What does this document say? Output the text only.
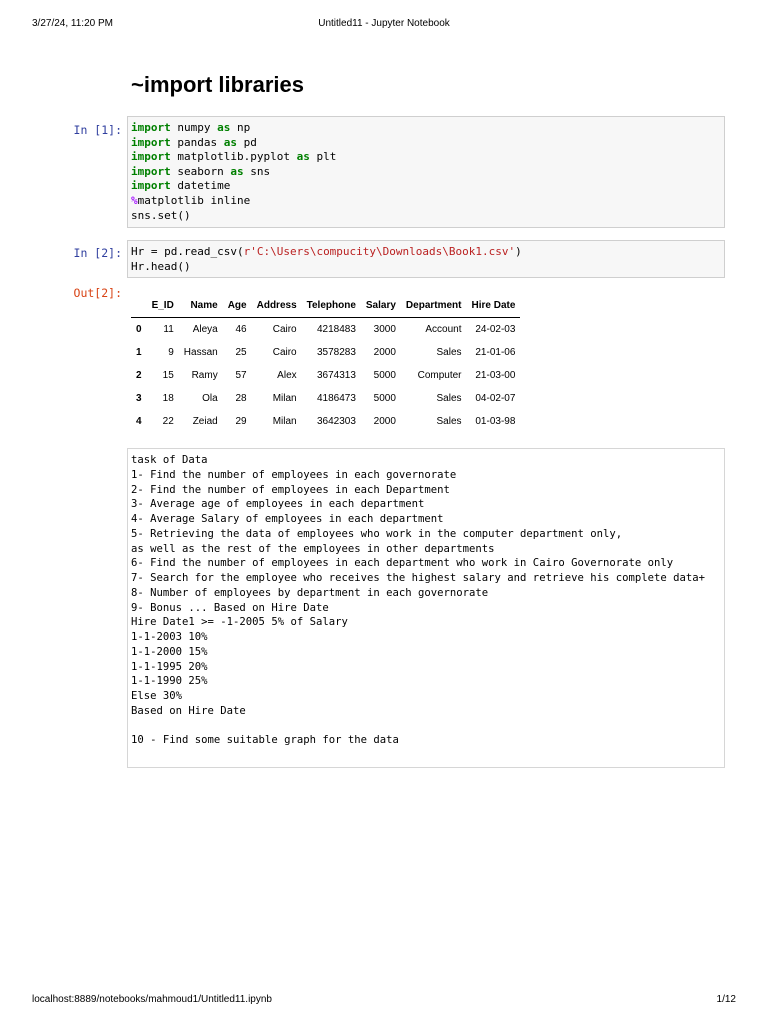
3/27/24, 11:20 PM	Untitled11 - Jupyter Notebook
~import libraries
In [1]: import numpy as np
import pandas as pd
import matplotlib.pyplot as plt
import seaborn as sns
import datetime
%matplotlib inline
sns.set()
In [2]: Hr = pd.read_csv(r'C:\Users\compucity\Downloads\Book1.csv')
Hr.head()
Out[2]:
	E_ID	Name	Age	Address	Telephone	Salary	Department	Hire Date
0	11	Aleya	46	Cairo	4218483	3000	Account	24-02-03
1	9	Hassan	25	Cairo	3578283	2000	Sales	21-01-06
2	15	Ramy	57	Alex	3674313	5000	Computer	21-03-00
3	18	Ola	28	Milan	4186473	5000	Sales	04-02-07
4	22	Zeiad	29	Milan	3642303	2000	Sales	01-03-98
task of Data
1- Find the number of employees in each governorate
2- Find the number of employees in each Department
3- Average age of employees in each department
4- Average Salary of employees in each department
5- Retrieving the data of employees who work in the computer department only,
as well as the rest of the employees in other departments
6- Find the number of employees in each department who work in Cairo Governorate only
7- Search for the employee who receives the highest salary and retrieve his complete data+
8- Number of employees by department in each governorate
9- Bonus ... Based on Hire Date
Hire Date1 >= -1-2005 5% of Salary
1-1-2003 10%
1-1-2000 15%
1-1-1995 20%
1-1-1990 25%
Else 30%
Based on Hire Date

10 - Find some suitable graph for the data
localhost:8889/notebooks/mahmoud1/Untitled11.ipynb	1/12
